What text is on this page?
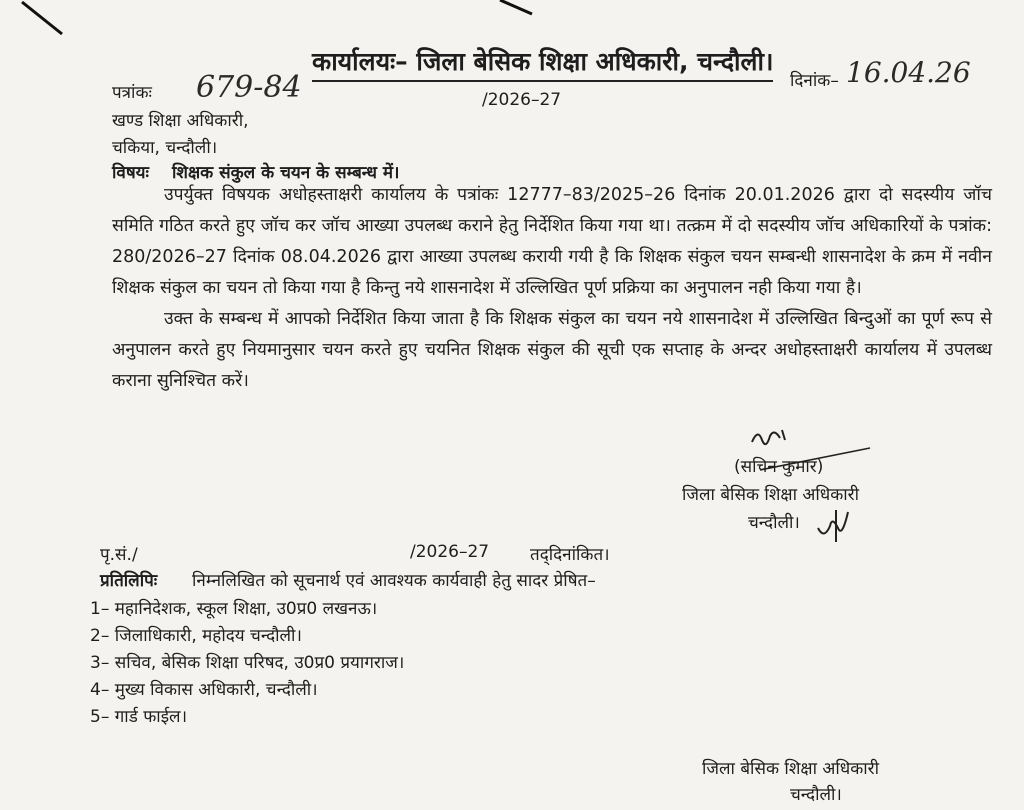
कार्यालयः– जिला बेसिक शिक्षा अधिकारी, चन्दौली।
पत्रांकः 679-84	/2026–27
दिनांक– 16.04.26
खण्ड शिक्षा अधिकारी,
चकिया, चन्दौली।
विषयः शिक्षक संकुल के चयन के सम्बन्ध में।

उपर्युक्त विषयक अधोहस्ताक्षरी कार्यालय के पत्रांकः 12777–83/2025–26 दिनांक 20.01.2026 द्वारा दो सदस्यीय जॉच समिति गठित करते हुए जॉच कर जॉच आख्या उपलब्ध कराने हेतु निर्देशित किया गया था। तत्क्रम में दो सदस्यीय जॉच अधिकारियों के पत्रांक: 280/2026–27 दिनांक 08.04.2026 द्वारा आख्या उपलब्ध करायी गयी है कि शिक्षक संकुल चयन सम्बन्धी शासनादेश के क्रम में नवीन शिक्षक संकुल का चयन तो किया गया है किन्तु नये शासनादेश में उल्लिखित पूर्ण प्रक्रिया का अनुपालन नही किया गया है।

उक्त के सम्बन्ध में आपको निर्देशित किया जाता है कि शिक्षक संकुल का चयन नये शासनादेश में उल्लिखित बिन्दुओं का पूर्ण रूप से अनुपालन करते हुए नियमानुसार चयन करते हुए चयनित शिक्षक संकुल की सूची एक सप्ताह के अन्दर अधोहस्ताक्षरी कार्यालय में उपलब्ध कराना सुनिश्चित करें।

(सचिन कुमार)
जिला बेसिक शिक्षा अधिकारी
चन्दौली।
पृ.सं./	/2026–27 तद्‌दिनांकित।
प्रतिलिपिः निम्नलिखित को सूचनार्थ एवं आवश्यक कार्यवाही हेतु सादर प्रेषित–
1– महानिदेशक, स्कूल शिक्षा, उ0प्र0 लखनऊ।
2– जिलाधिकारी, महोदय चन्दौली।
3– सचिव, बेसिक शिक्षा परिषद, उ0प्र0 प्रयागराज।
4– मुख्य विकास अधिकारी, चन्दौली।
5– गार्ड फाईल।
जिला बेसिक शिक्षा अधिकारी
चन्दौली।
